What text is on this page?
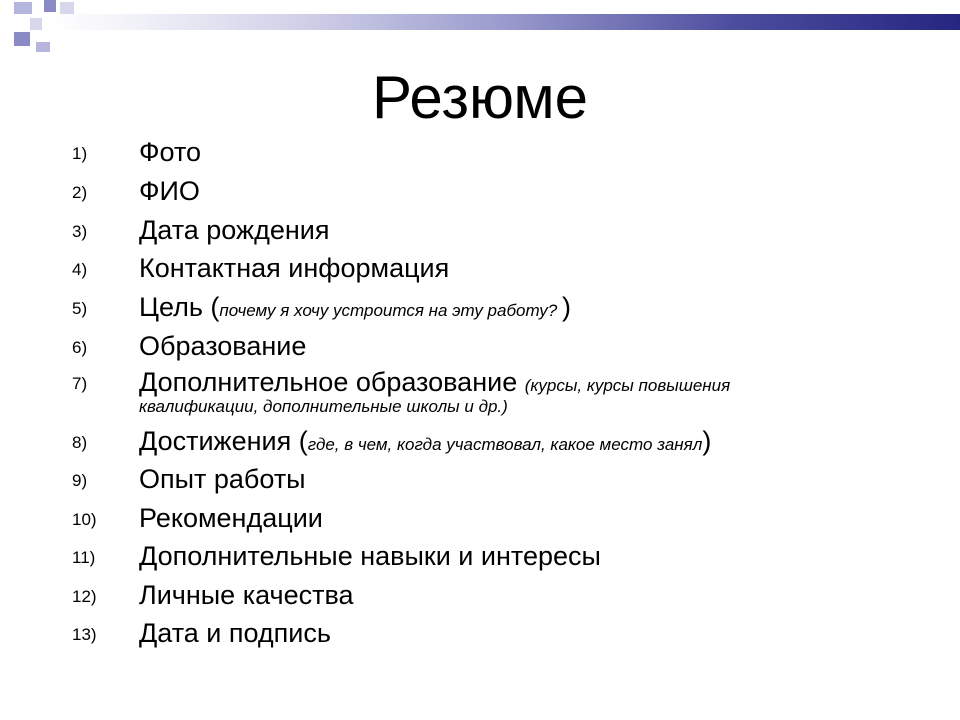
Резюме
1)	Фото
2)	ФИО
3)	Дата рождения
4)	Контактная информация
5)	Цель (почему я хочу устроится на эту работу? )
6)	Образование
7)	Дополнительное образование (курсы, курсы повышения
квалификации, дополнительные школы и др.)
8)	Достижения (где, в чем, когда участвовал, какое место занял)
9)	Опыт работы
10)	Рекомендации
11)	Дополнительные навыки и интересы
12)	Личные качества
13)	Дата и подпись
